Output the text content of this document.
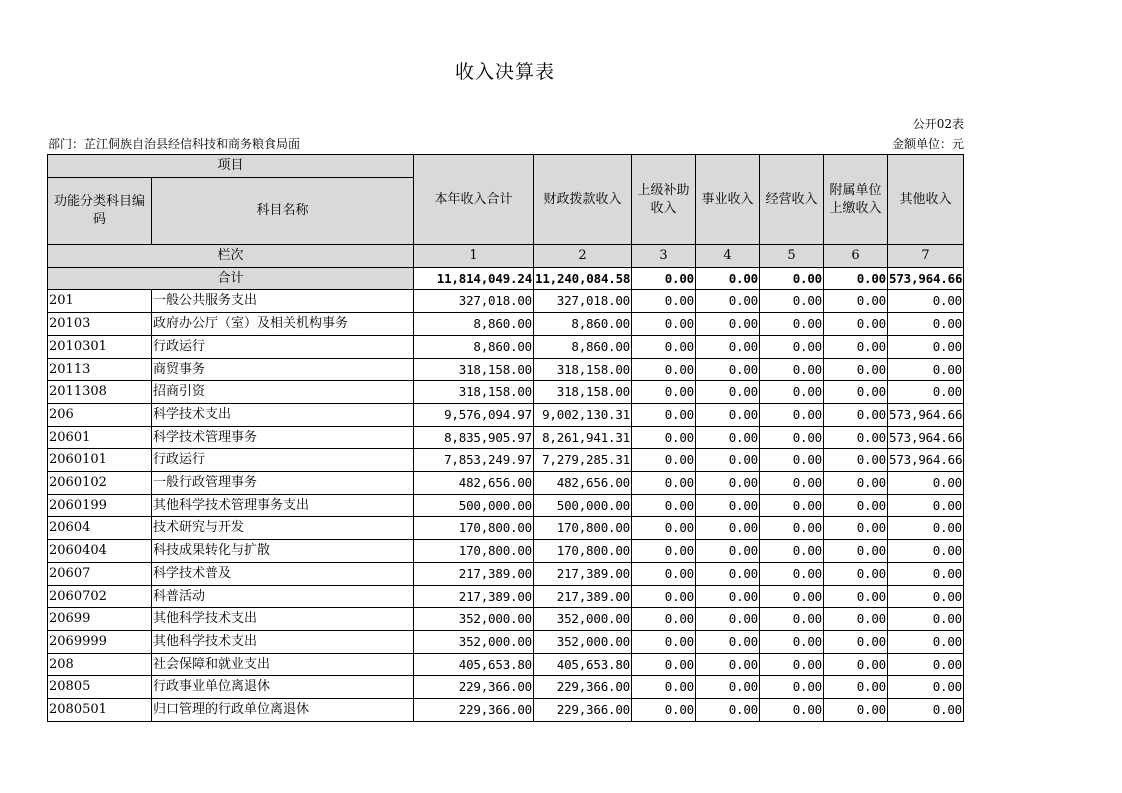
收入决算表
公开02表
部门：芷江侗族自治县经信科技和商务粮食局面	金额单位：元
项目		本年收入合计	财政拨款收入	上级补助收入	事业收入	经营收入	附属单位上缴收入	其他收入
功能分类科目编码	科目名称							
栏次		1	2	3	4	5	6	7
合计		11,814,049.24	11,240,084.58	0.00	0.00	0.00	0.00	573,964.66
201	一般公共服务支出	327,018.00	327,018.00	0.00	0.00	0.00	0.00	0.00
20103	政府办公厅（室）及相关机构事务	8,860.00	8,860.00	0.00	0.00	0.00	0.00	0.00
2010301	行政运行	8,860.00	8,860.00	0.00	0.00	0.00	0.00	0.00
20113	商贸事务	318,158.00	318,158.00	0.00	0.00	0.00	0.00	0.00
2011308	招商引资	318,158.00	318,158.00	0.00	0.00	0.00	0.00	0.00
206	科学技术支出	9,576,094.97	9,002,130.31	0.00	0.00	0.00	0.00	573,964.66
20601	科学技术管理事务	8,835,905.97	8,261,941.31	0.00	0.00	0.00	0.00	573,964.66
2060101	行政运行	7,853,249.97	7,279,285.31	0.00	0.00	0.00	0.00	573,964.66
2060102	一般行政管理事务	482,656.00	482,656.00	0.00	0.00	0.00	0.00	0.00
2060199	其他科学技术管理事务支出	500,000.00	500,000.00	0.00	0.00	0.00	0.00	0.00
20604	技术研究与开发	170,800.00	170,800.00	0.00	0.00	0.00	0.00	0.00
2060404	科技成果转化与扩散	170,800.00	170,800.00	0.00	0.00	0.00	0.00	0.00
20607	科学技术普及	217,389.00	217,389.00	0.00	0.00	0.00	0.00	0.00
2060702	科普活动	217,389.00	217,389.00	0.00	0.00	0.00	0.00	0.00
20699	其他科学技术支出	352,000.00	352,000.00	0.00	0.00	0.00	0.00	0.00
2069999	其他科学技术支出	352,000.00	352,000.00	0.00	0.00	0.00	0.00	0.00
208	社会保障和就业支出	405,653.80	405,653.80	0.00	0.00	0.00	0.00	0.00
20805	行政事业单位离退休	229,366.00	229,366.00	0.00	0.00	0.00	0.00	0.00
2080501	归口管理的行政单位离退休	229,366.00	229,366.00	0.00	0.00	0.00	0.00	0.00
